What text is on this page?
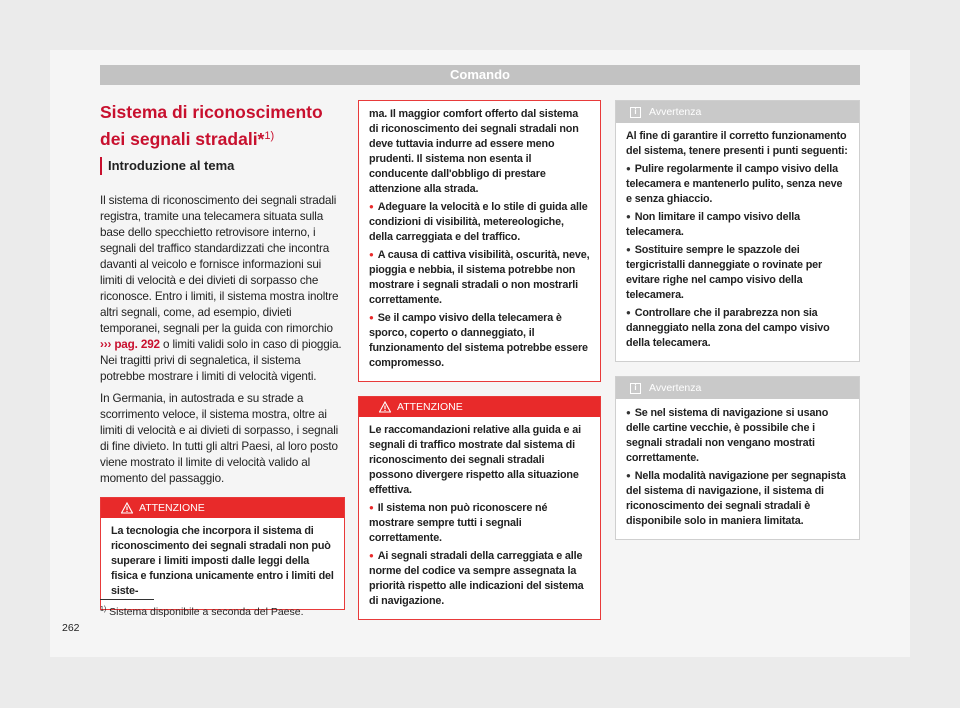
Comando
Sistema di riconoscimento dei segnali stradali*$^{1)}$
Introduzione al tema

Il sistema di riconoscimento dei segnali stradali registra, tramite una telecamera situata sulla base dello specchietto retrovisore interno, i segnali del traffico standardizzati che incontra davanti al veicolo e fornisce informazioni sui limiti di velocità e dei divieti di sorpasso che riconosce. Entro i limiti, il sistema mostra inoltre altri segnali, come, ad esempio, divieti temporanei, segnali per la guida con rimorchio ››› pag. 292 o limiti validi solo in caso di pioggia. Nei tragitti privi di segnaletica, il sistema potrebbe mostrare i limiti di velocità vigenti.

In Germania, in autostrada e su strade a scorrimento veloce, il sistema mostra, oltre ai limiti di velocità e ai divieti di sorpasso, i segnali di fine divieto. In tutti gli altri Paesi, al loro posto viene mostrato il limite di velocità valido al momento del passaggio.

ATTENZIONE

La tecnologia che incorpora il sistema di riconoscimento dei segnali stradali non può superare i limiti imposti dalle leggi della fisica e funziona unicamente entro i limiti del siste-

ma. Il maggior comfort offerto dal sistema di riconoscimento dei segnali stradali non deve tuttavia indurre ad essere meno prudenti. Il sistema non esenta il conducente dall'obbligo di prestare attenzione alla strada.

● Adeguare la velocità e lo stile di guida alle condizioni di visibilità, metereologiche, della carreggiata e del traffico.

● A causa di cattiva visibilità, oscurità, neve, pioggia e nebbia, il sistema potrebbe non mostrare i segnali stradali o non mostrarli correttamente.

● Se il campo visivo della telecamera è sporco, coperto o danneggiato, il funzionamento del sistema potrebbe essere compromesso.

ATTENZIONE

Le raccomandazioni relative alla guida e ai segnali di traffico mostrate dal sistema di riconoscimento dei segnali stradali possono divergere rispetto alla situazione effettiva.

● Il sistema non può riconoscere né mostrare sempre tutti i segnali correttamente.

● Ai segnali stradali della carreggiata e alle norme del codice va sempre assegnata la priorità rispetto alle indicazioni del sistema di navigazione.

i	Avvertenza

Al fine di garantire il corretto funzionamento del sistema, tenere presenti i punti seguenti:

● Pulire regolarmente il campo visivo della telecamera e mantenerlo pulito, senza neve e senza ghiaccio.

● Non limitare il campo visivo della telecamera.

● Sostituire sempre le spazzole dei tergicristalli danneggiate o rovinate per evitare righe nel campo visivo della telecamera.

● Controllare che il parabrezza non sia danneggiato nella zona del campo visivo della telecamera.

i	Avvertenza

● Se nel sistema di navigazione si usano delle cartine vecchie, è possibile che i segnali stradali non vengano mostrati correttamente.

● Nella modalità navigazione per segnapista del sistema di navigazione, il sistema di riconoscimento dei segnali stradali è disponibile solo in maniera limitata.

$^{1)}$ Sistema disponibile a seconda del Paese.
262
